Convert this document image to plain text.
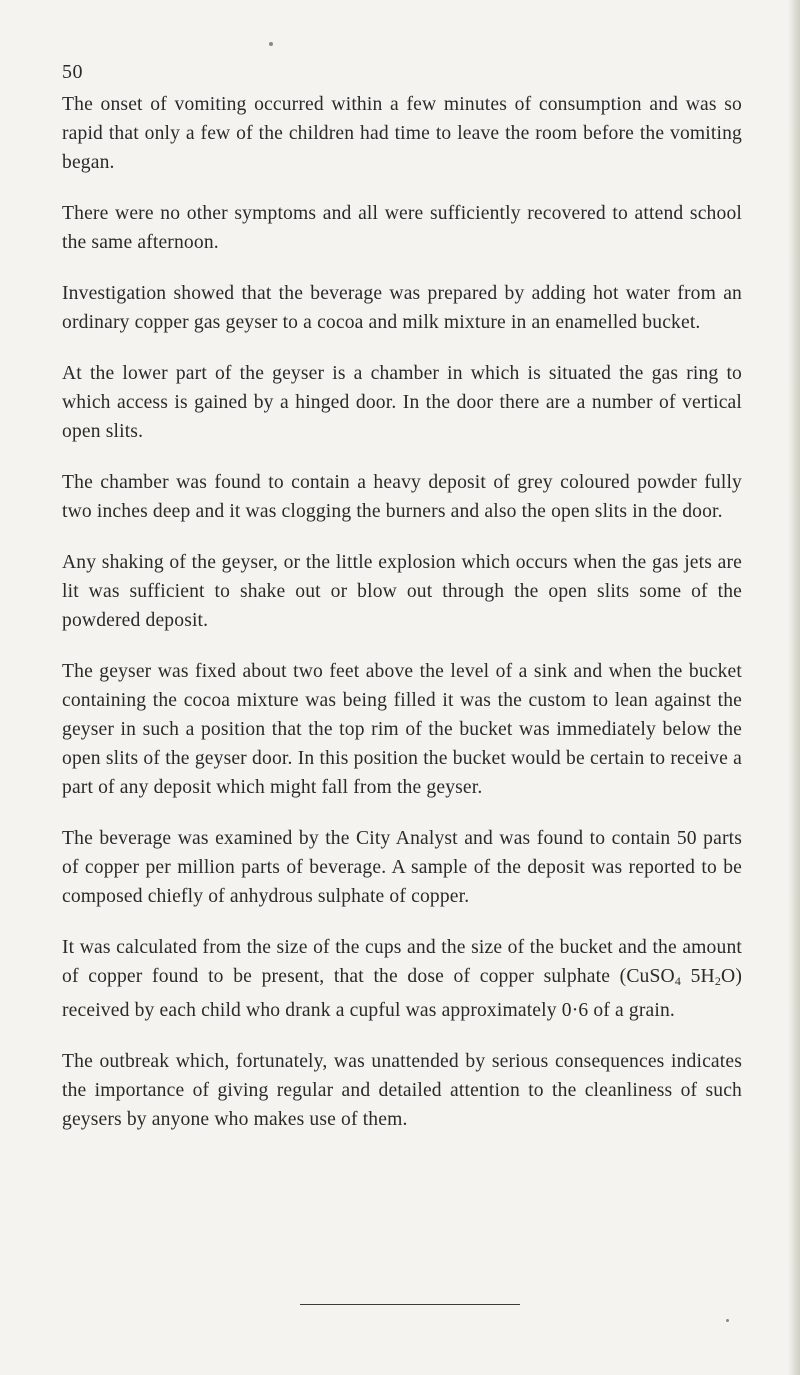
50

The onset of vomiting occurred within a few minutes of consumption and was so rapid that only a few of the children had time to leave the room before the vomiting began.

There were no other symptoms and all were sufficiently recovered to attend school the same afternoon.

Investigation showed that the beverage was prepared by adding hot water from an ordinary copper gas geyser to a cocoa and milk mixture in an enamelled bucket.

At the lower part of the geyser is a chamber in which is situated the gas ring to which access is gained by a hinged door. In the door there are a number of vertical open slits.

The chamber was found to contain a heavy deposit of grey coloured powder fully two inches deep and it was clogging the burners and also the open slits in the door.

Any shaking of the geyser, or the little explosion which occurs when the gas jets are lit was sufficient to shake out or blow out through the open slits some of the powdered deposit.

The geyser was fixed about two feet above the level of a sink and when the bucket containing the cocoa mixture was being filled it was the custom to lean against the geyser in such a position that the top rim of the bucket was immediately below the open slits of the geyser door. In this position the bucket would be certain to receive a part of any deposit which might fall from the geyser.

The beverage was examined by the City Analyst and was found to contain 50 parts of copper per million parts of beverage. A sample of the deposit was reported to be composed chiefly of anhydrous sulphate of copper.

It was calculated from the size of the cups and the size of the bucket and the amount of copper found to be present, that the dose of copper sulphate (CuSO$_4$ $5H_2O$) received by each child who drank a cupful was approximately 0·6 of a grain.

The outbreak which, fortunately, was unattended by serious consequences indicates the importance of giving regular and detailed attention to the cleanliness of such geysers by anyone who makes use of them.
